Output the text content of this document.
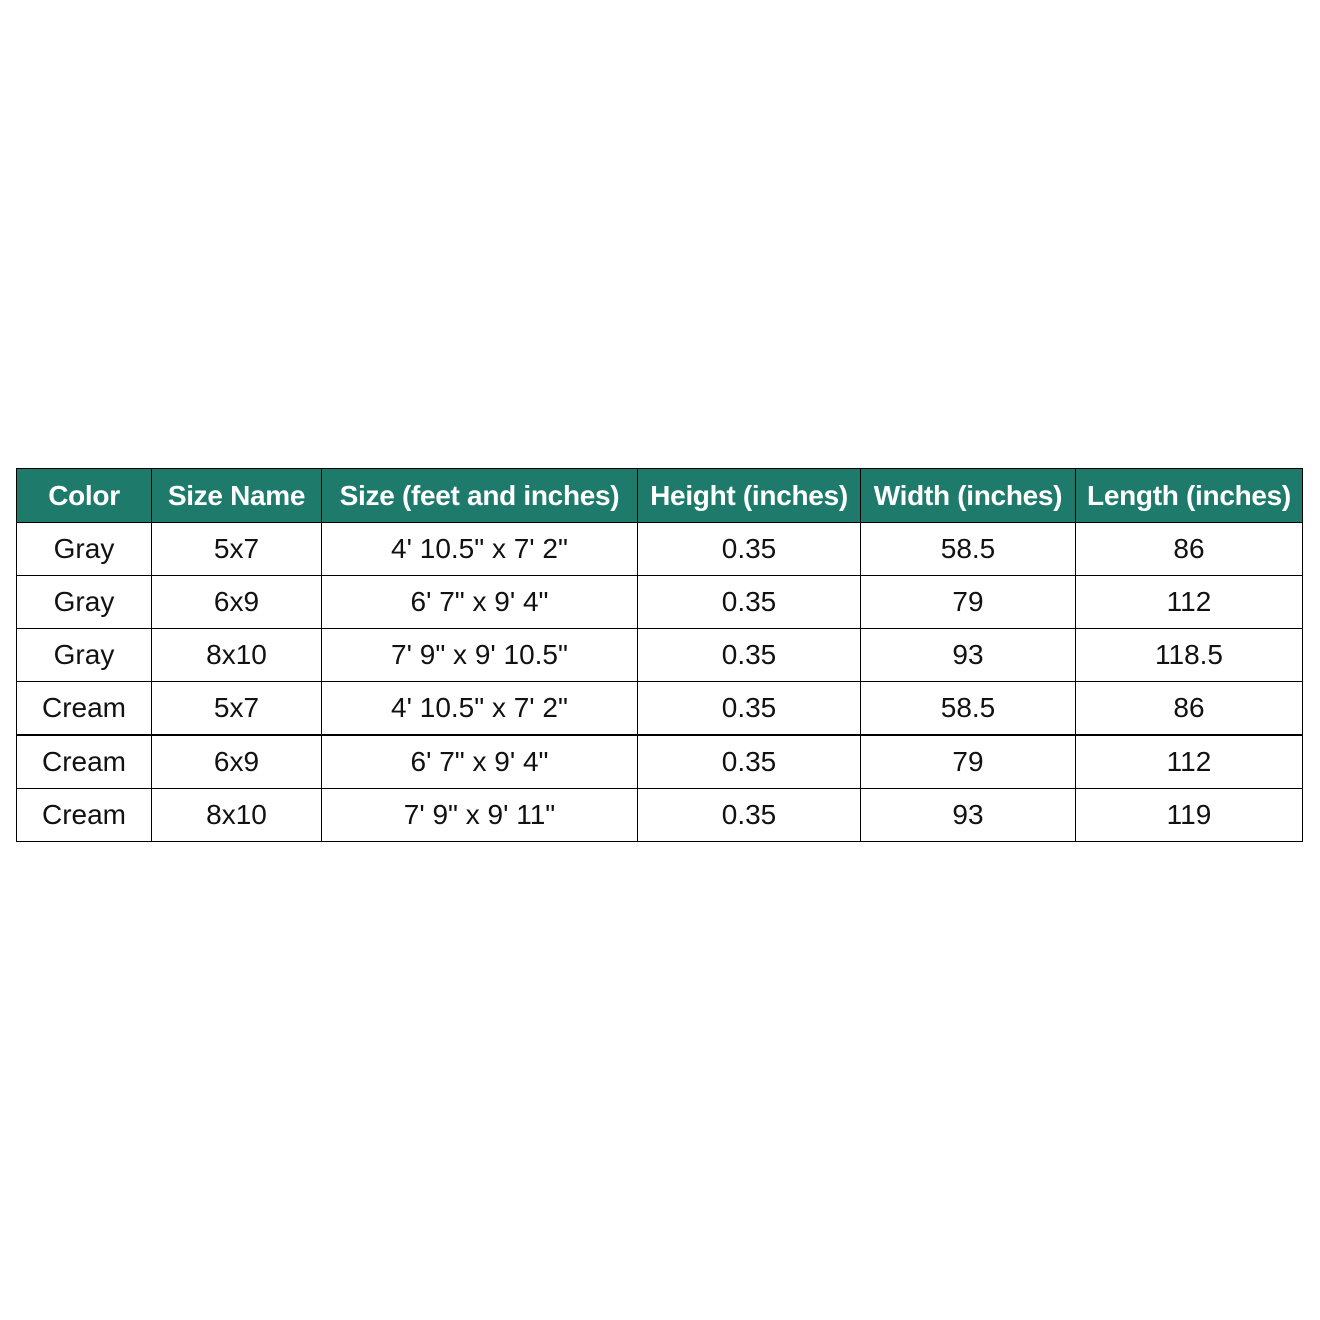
Color	Size Name	Size (feet and inches)	Height (inches)	Width (inches)	Length (inches)
Gray	5x7	4' 10.5" x 7' 2"	0.35	58.5	86
Gray	6x9	6' 7" x 9' 4"	0.35	79	112
Gray	8x10	7' 9" x 9' 10.5"	0.35	93	118.5
Cream	5x7	4' 10.5" x 7' 2"	0.35	58.5	86
Cream	6x9	6' 7" x 9' 4"	0.35	79	112
Cream	8x10	7' 9" x 9' 11"	0.35	93	119
